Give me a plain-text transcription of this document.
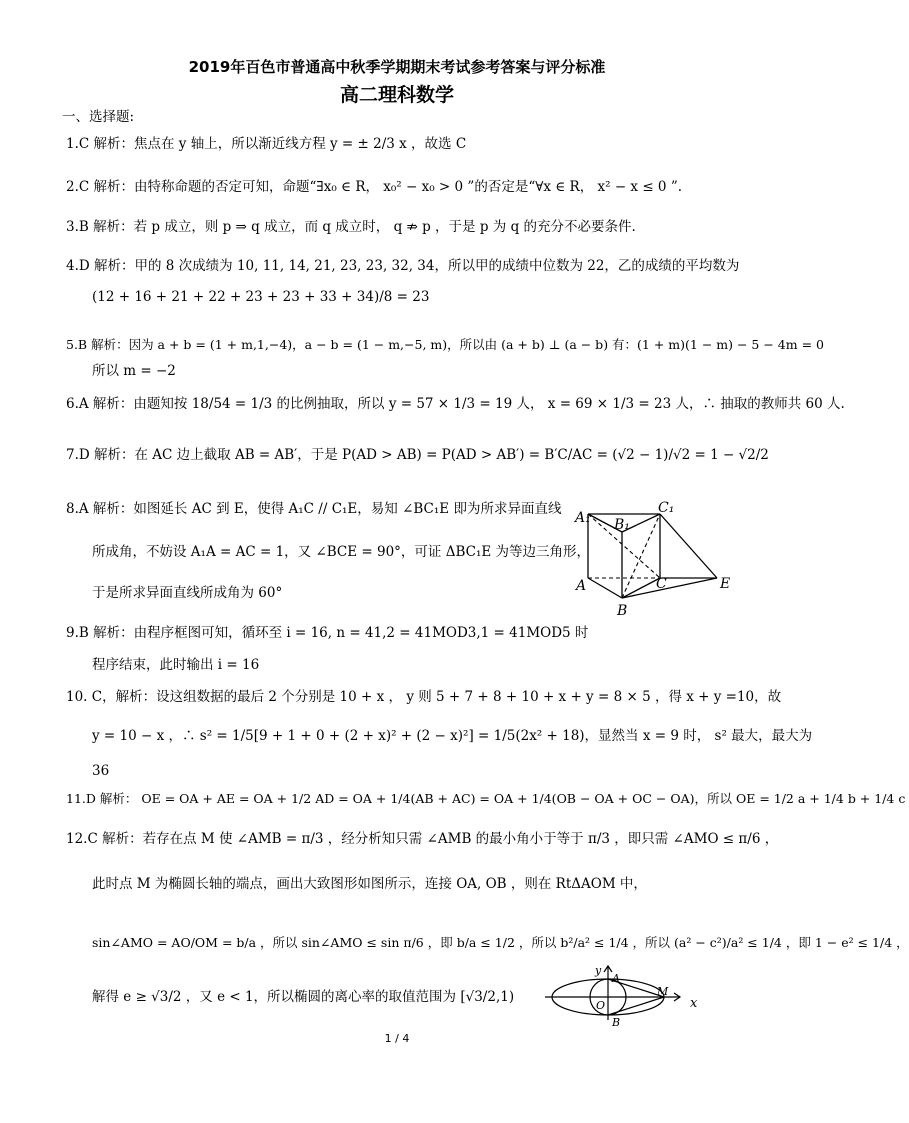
2019年百色市普通高中秋季学期期末考试参考答案与评分标准
高二理科数学
一、选择题:
1.C 解析：焦点在 y 轴上，所以渐近线方程 y = ± 2/3 x ，故选 C
2.C 解析：由特称命题的否定可知，命题“∃x₀ ∈ R， x₀² − x₀ > 0 ”的否定是“∀x ∈ R， x² − x ≤ 0 ”.
3.B 解析：若 p 成立，则 p ⇒ q 成立，而 q 成立时， q ⇏ p ，于是 p 为 q 的充分不必要条件.
4.D 解析：甲的 8 次成绩为 10, 11, 14, 21, 23, 23, 32, 34，所以甲的成绩中位数为 22，乙的成绩的平均数为
(12 + 16 + 21 + 22 + 23 + 23 + 33 + 34)/8 = 23
5.B 解析：因为 a + b = (1 + m,1,−4)，a − b = (1 − m,−5, m)，所以由 (a + b) ⊥ (a − b) 有：(1 + m)(1 − m) − 5 − 4m = 0
所以 m = −2
6.A 解析：由题知按 18/54 = 1/3 的比例抽取，所以 y = 57 × 1/3 = 19 人， x = 69 × 1/3 = 23 人，∴ 抽取的教师共 60 人.
7.D 解析：在 AC 边上截取 AB = AB′，于是 P(AD > AB) = P(AD > AB′) = B′C/AC = (√2 − 1)/√2 = 1 − √2/2
8.A 解析：如图延长 AC 到 E，使得 A₁C // C₁E，易知 ∠BC₁E 即为所求异面直线
所成角，不妨设 A₁A = AC = 1，又 ∠BCE = 90°，可证 ΔBC₁E 为等边三角形，
于是所求异面直线所成角为 60°
A₁ B₁
C₁
A	C	E
B
9.B 解析：由程序框图可知，循环至 i = 16, n = 41,2 = 41MOD3,1 = 41MOD5 时
程序结束，此时输出 i = 16
10. C，解析：设这组数据的最后 2 个分别是 10 + x ， y 则 5 + 7 + 8 + 10 + x + y = 8 × 5 ，得 x + y =10，故
y = 10 − x ，∴ s² = 1/5[9 + 1 + 0 + (2 + x)² + (2 − x)²] = 1/5(2x² + 18)，显然当 x = 9 时， s² 最大，最大为
36
11.D 解析： OE = OA + AE = OA + 1/2 AD = OA + 1/4(AB + AC) = OA + 1/4(OB − OA + OC − OA)，所以 OE = 1/2 a + 1/4 b + 1/4 c
12.C 解析：若存在点 M 使 ∠AMB = π/3 ，经分析知只需 ∠AMB 的最小角小于等于 π/3 ，即只需 ∠AMO ≤ π/6 ，
此时点 M 为椭圆长轴的端点，画出大致图形如图所示，连接 OA, OB ，则在 RtΔAOM 中，
sin∠AMO = AO/OM = b/a ，所以 sin∠AMO ≤ sin π/6 ，即 b/a ≤ 1/2 ，所以 b²/a² ≤ 1/4 ，所以 (a² − c²)/a² ≤ 1/4 ，即 1 − e² ≤ 1/4 ，
解得 e ≥ √3/2 ，又 e < 1，所以椭圆的离心率的取值范围为 [√3/2,1)
y
A
O
M
x
B
1 / 4
